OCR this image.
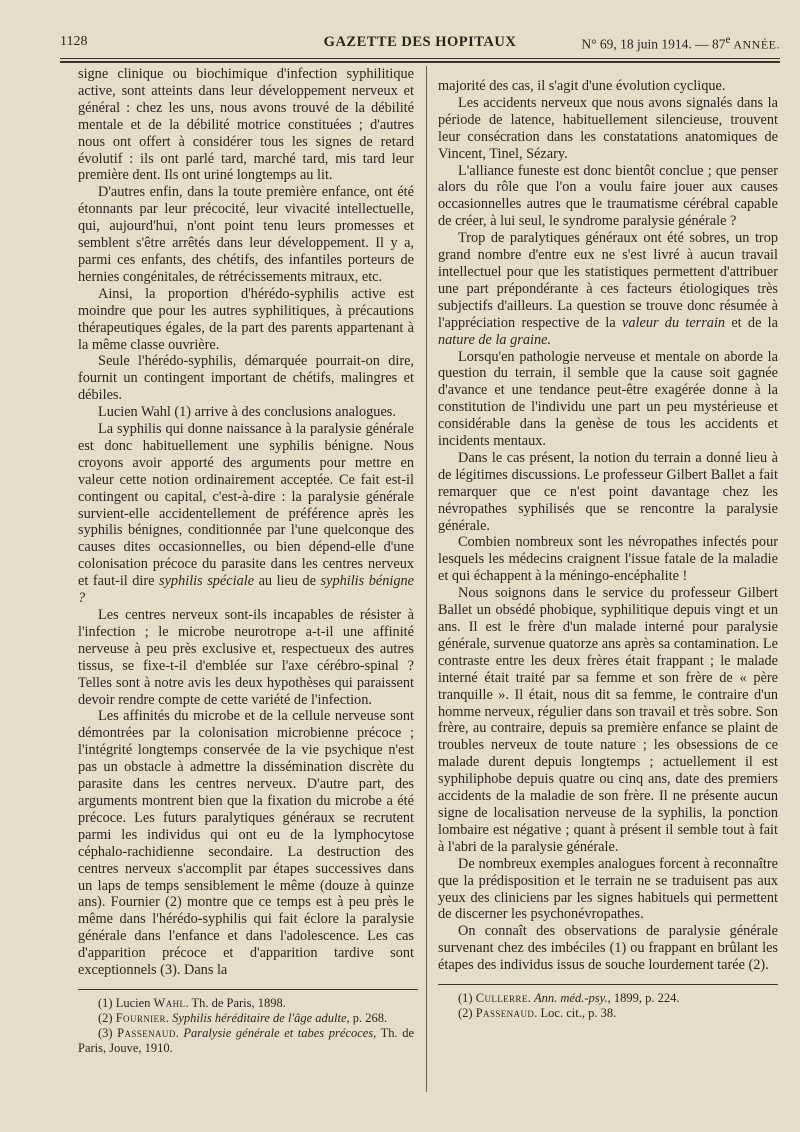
1128	GAZETTE DES HOPITAUX	N° 69, 18 juin 1914. — 87e ANNÉE.

signe clinique ou biochimique d'infection syphilitique active, sont atteints dans leur développement nerveux et général : chez les uns, nous avons trouvé de la débilité mentale et de la débilité motrice constituées ; d'autres nous ont offert à considérer tous les signes de retard évolutif : ils ont parlé tard, marché tard, mis tard leur première dent. Ils ont uriné longtemps au lit.

D'autres enfin, dans la toute première enfance, ont été étonnants par leur précocité, leur vivacité intellectuelle, qui, aujourd'hui, n'ont point tenu leurs promesses et semblent s'être arrêtés dans leur développement. Il y a, parmi ces enfants, des chétifs, des infantiles porteurs de hernies congénitales, de rétrécissements mitraux, etc.

Ainsi, la proportion d'hérédo-syphilis active est moindre que pour les autres syphilitiques, à précautions thérapeutiques égales, de la part des parents appartenant à la même classe ouvrière.

Seule l'hérédo-syphilis, démarquée pourrait-on dire, fournit un contingent important de chétifs, malingres et débiles.

Lucien Wahl (1) arrive à des conclusions analogues.

La syphilis qui donne naissance à la paralysie générale est donc habituellement une syphilis bénigne. Nous croyons avoir apporté des arguments pour mettre en valeur cette notion ordinairement acceptée. Ce fait est-il contingent ou capital, c'est-à-dire : la paralysie générale survient-elle accidentellement de préférence après les syphilis bénignes, conditionnée par l'une quelconque des causes dites occasionnelles, ou bien dépend-elle d'une colonisation précoce du parasite dans les centres nerveux et faut-il dire syphilis spéciale au lieu de syphilis bénigne ?

Les centres nerveux sont-ils incapables de résister à l'infection ; le microbe neurotrope a-t-il une affinité nerveuse à peu près exclusive et, respectueux des autres tissus, se fixe-t-il d'emblée sur l'axe cérébro-spinal ? Telles sont à notre avis les deux hypothèses qui paraissent devoir rendre compte de cette variété de l'infection.

Les affinités du microbe et de la cellule nerveuse sont démontrées par la colonisation microbienne précoce ; l'intégrité longtemps conservée de la vie psychique n'est pas un obstacle à admettre la dissémination discrète du parasite dans les centres nerveux. D'autre part, des arguments montrent bien que la fixation du microbe a été précoce. Les futurs paralytiques généraux se recrutent parmi les individus qui ont eu de la lymphocytose céphalo-rachidienne secondaire. La destruction des centres nerveux s'accomplit par étapes successives dans un laps de temps sensiblement le même (douze à quinze ans). Fournier (2) montre que ce temps est à peu près le même dans l'hérédo-syphilis qui fait éclore la paralysie générale dans l'enfance et dans l'adolescence. Les cas d'apparition précoce et d'apparition tardive sont exceptionnels (3). Dans la

(1) Lucien Wahl. Th. de Paris, 1898.

(2) Fournier. Syphilis héréditaire de l'âge adulte, p. 268.

(3) Passenaud. Paralysie générale et tabes précoces, Th. de Paris, Jouve, 1910.

majorité des cas, il s'agit d'une évolution cyclique.

Les accidents nerveux que nous avons signalés dans la période de latence, habituellement silencieuse, trouvent leur consécration dans les constatations anatomiques de Vincent, Tinel, Sézary.

L'alliance funeste est donc bientôt conclue ; que penser alors du rôle que l'on a voulu faire jouer aux causes occasionnelles autres que le traumatisme cérébral capable de créer, à lui seul, le syndrome paralysie générale ?

Trop de paralytiques généraux ont été sobres, un trop grand nombre d'entre eux ne s'est livré à aucun travail intellectuel pour que les statistiques permettent d'attribuer une part prépondérante à ces facteurs étiologiques très subjectifs d'ailleurs. La question se trouve donc résumée à l'appréciation respective de la valeur du terrain et de la nature de la graine.

Lorsqu'en pathologie nerveuse et mentale on aborde la question du terrain, il semble que la cause soit gagnée d'avance et une tendance peut-être exagérée donne à la constitution de l'individu une part un peu mystérieuse et considérable dans la genèse de tous les accidents et incidents mentaux.

Dans le cas présent, la notion du terrain a donné lieu à de légitimes discussions. Le professeur Gilbert Ballet a fait remarquer que ce n'est point davantage chez les névropathes syphilisés que se rencontre la paralysie générale.

Combien nombreux sont les névropathes infectés pour lesquels les médecins craignent l'issue fatale de la maladie et qui échappent à la méningo-encéphalite !

Nous soignons dans le service du professeur Gilbert Ballet un obsédé phobique, syphilitique depuis vingt et un ans. Il est le frère d'un malade interné pour paralysie générale, survenue quatorze ans après sa contamination. Le contraste entre les deux frères était frappant ; le malade interné était traité par sa femme et son frère de « père tranquille ». Il était, nous dit sa femme, le contraire d'un homme nerveux, régulier dans son travail et très sobre. Son frère, au contraire, depuis sa première enfance se plaint de troubles nerveux de toute nature ; les obsessions de ce malade durent depuis longtemps ; actuellement il est syphiliphobe depuis quatre ou cinq ans, date des premiers accidents de la maladie de son frère. Il ne présente aucun signe de localisation nerveuse de la syphilis, la ponction lombaire est négative ; quant à présent il semble tout à fait à l'abri de la paralysie générale.

De nombreux exemples analogues forcent à reconnaître que la prédisposition et le terrain ne se traduisent pas aux yeux des cliniciens par les signes habituels qui permettent de discerner les psychonévropathes.

On connaît des observations de paralysie générale survenant chez des imbéciles (1) ou frappant en brûlant les étapes des individus issus de souche lourdement tarée (2).

(1) Cullerre. Ann. méd.-psy., 1899, p. 224.

(2) Passenaud. Loc. cit., p. 38.
